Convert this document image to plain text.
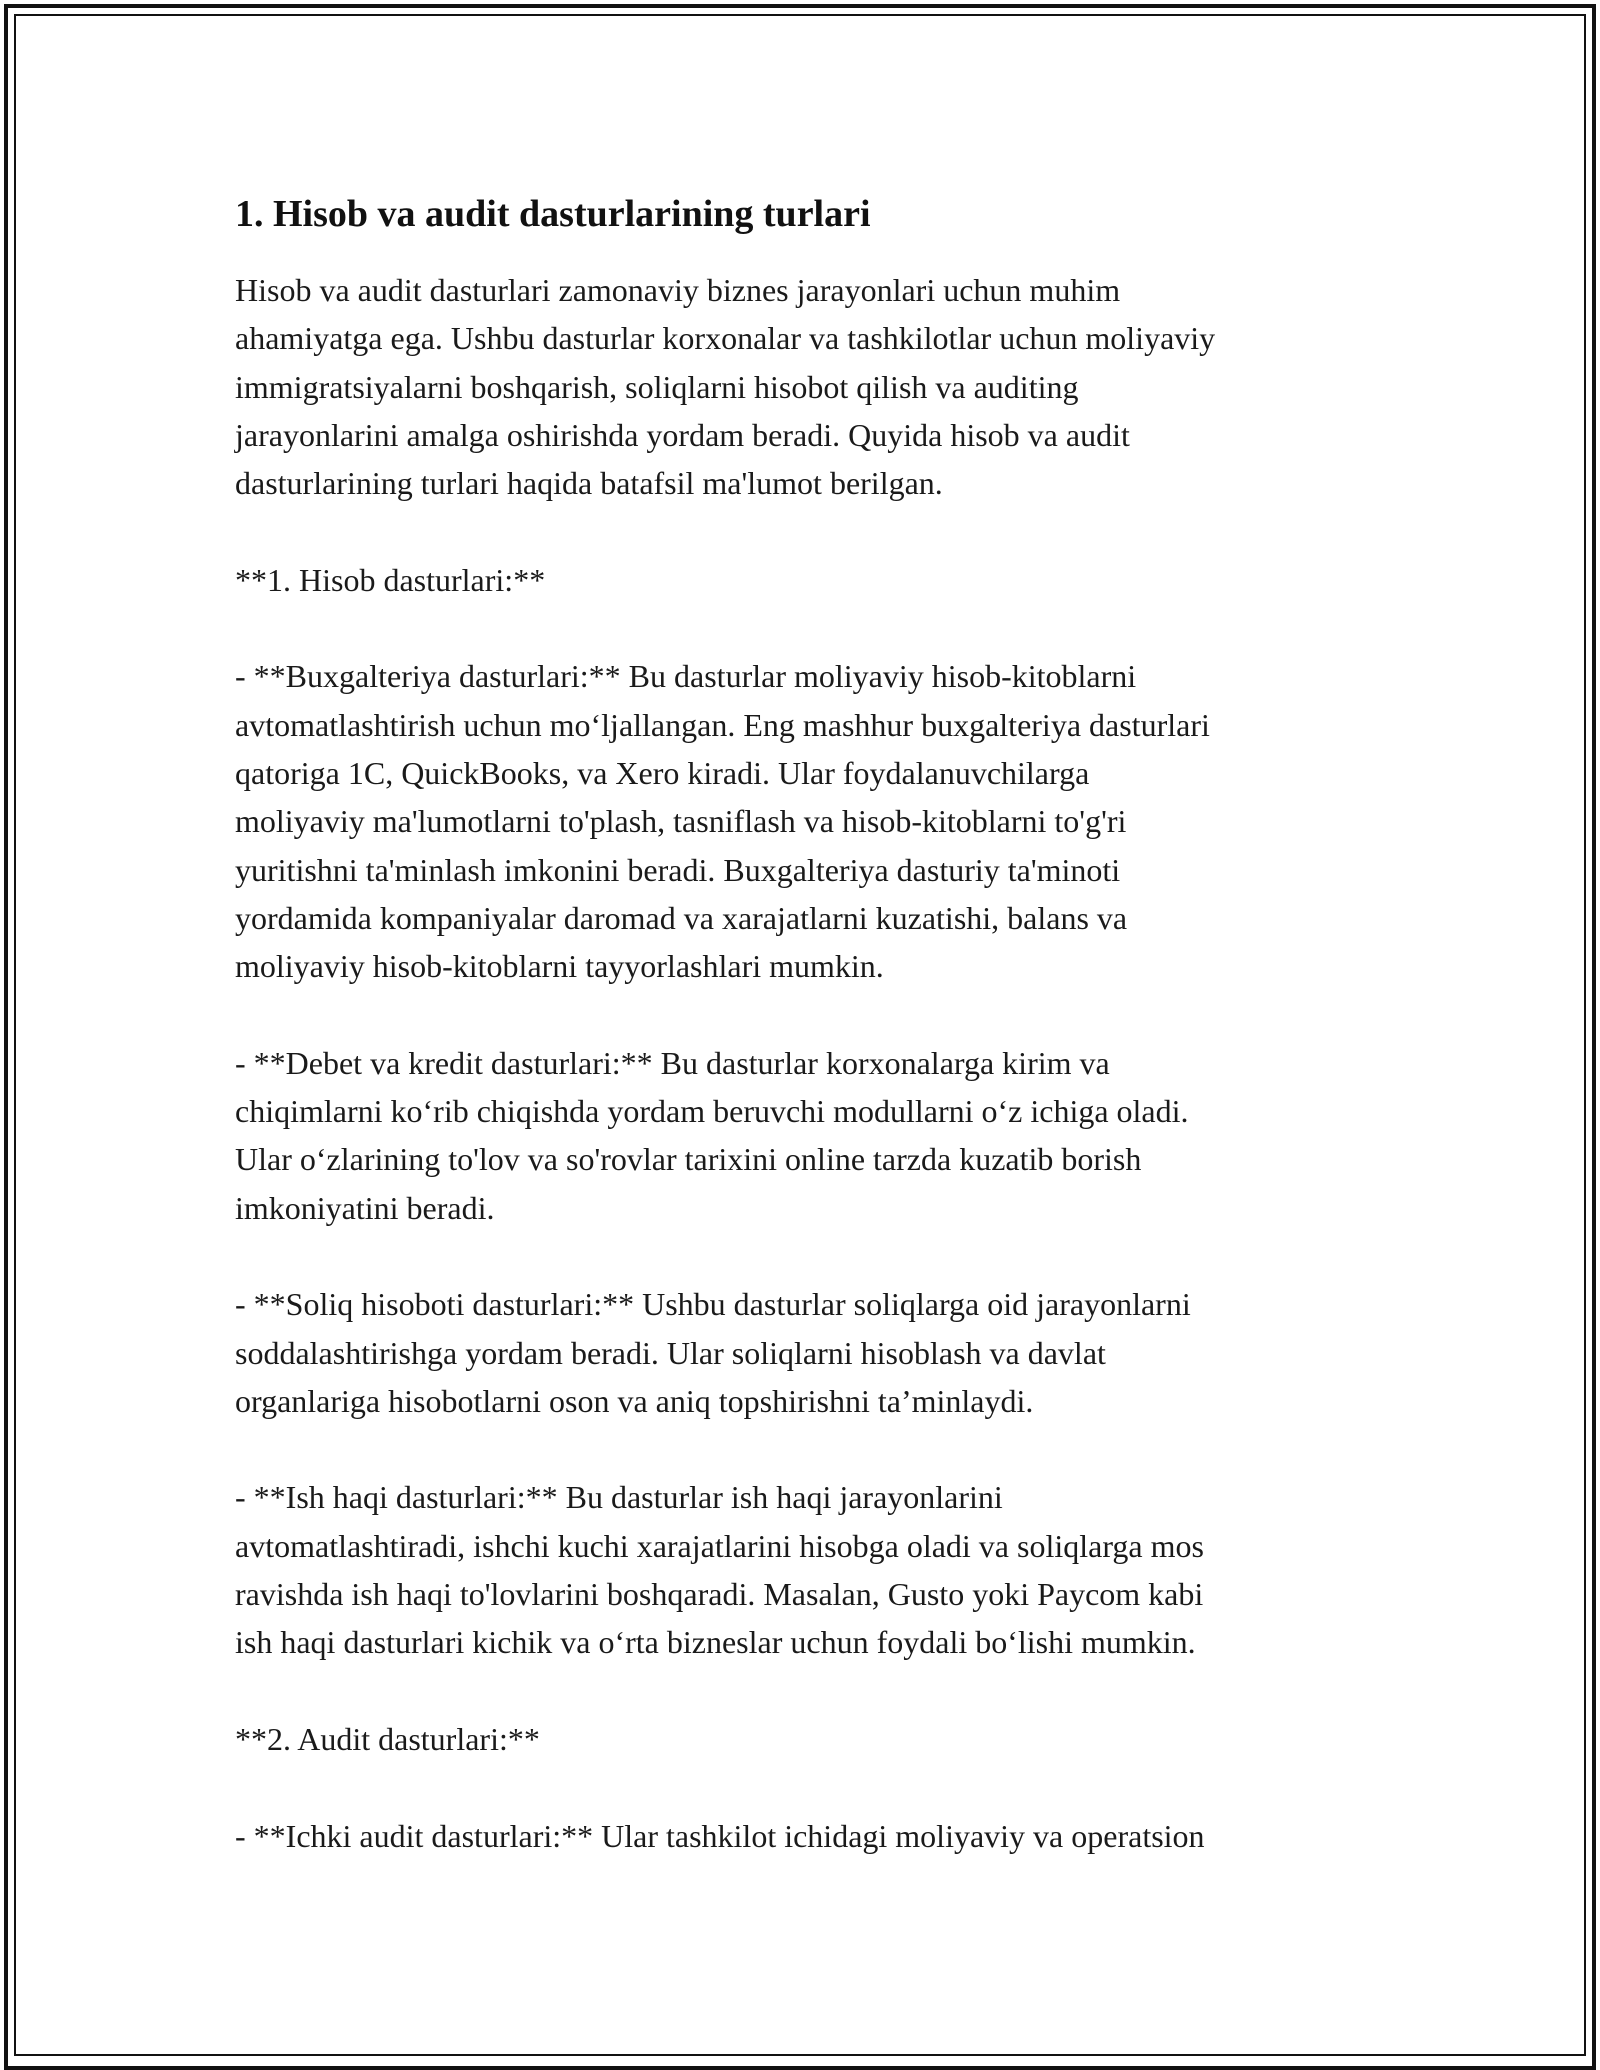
1. Hisob va audit dasturlarining turlari

Hisob va audit dasturlari zamonaviy biznes jarayonlari uchun muhim
ahamiyatga ega. Ushbu dasturlar korxonalar va tashkilotlar uchun moliyaviy
immigratsiyalarni boshqarish, soliqlarni hisobot qilish va auditing
jarayonlarini amalga oshirishda yordam beradi. Quyida hisob va audit
dasturlarining turlari haqida batafsil ma'lumot berilgan.

**1. Hisob dasturlari:**

- **Buxgalteriya dasturlari:** Bu dasturlar moliyaviy hisob-kitoblarni
avtomatlashtirish uchun mo‘ljallangan. Eng mashhur buxgalteriya dasturlari
qatoriga 1C, QuickBooks, va Xero kiradi. Ular foydalanuvchilarga
moliyaviy ma'lumotlarni to'plash, tasniflash va hisob-kitoblarni to'g'ri
yuritishni ta'minlash imkonini beradi. Buxgalteriya dasturiy ta'minoti
yordamida kompaniyalar daromad va xarajatlarni kuzatishi, balans va
moliyaviy hisob-kitoblarni tayyorlashlari mumkin.

- **Debet va kredit dasturlari:** Bu dasturlar korxonalarga kirim va
chiqimlarni ko‘rib chiqishda yordam beruvchi modullarni o‘z ichiga oladi.
Ular o‘zlarining to'lov va so'rovlar tarixini online tarzda kuzatib borish
imkoniyatini beradi.

- **Soliq hisoboti dasturlari:** Ushbu dasturlar soliqlarga oid jarayonlarni
soddalashtirishga yordam beradi. Ular soliqlarni hisoblash va davlat
organlariga hisobotlarni oson va aniq topshirishni ta’minlaydi.

- **Ish haqi dasturlari:** Bu dasturlar ish haqi jarayonlarini
avtomatlashtiradi, ishchi kuchi xarajatlarini hisobga oladi va soliqlarga mos
ravishda ish haqi to'lovlarini boshqaradi. Masalan, Gusto yoki Paycom kabi
ish haqi dasturlari kichik va o‘rta bizneslar uchun foydali bo‘lishi mumkin.

**2. Audit dasturlari:**

- **Ichki audit dasturlari:** Ular tashkilot ichidagi moliyaviy va operatsion
